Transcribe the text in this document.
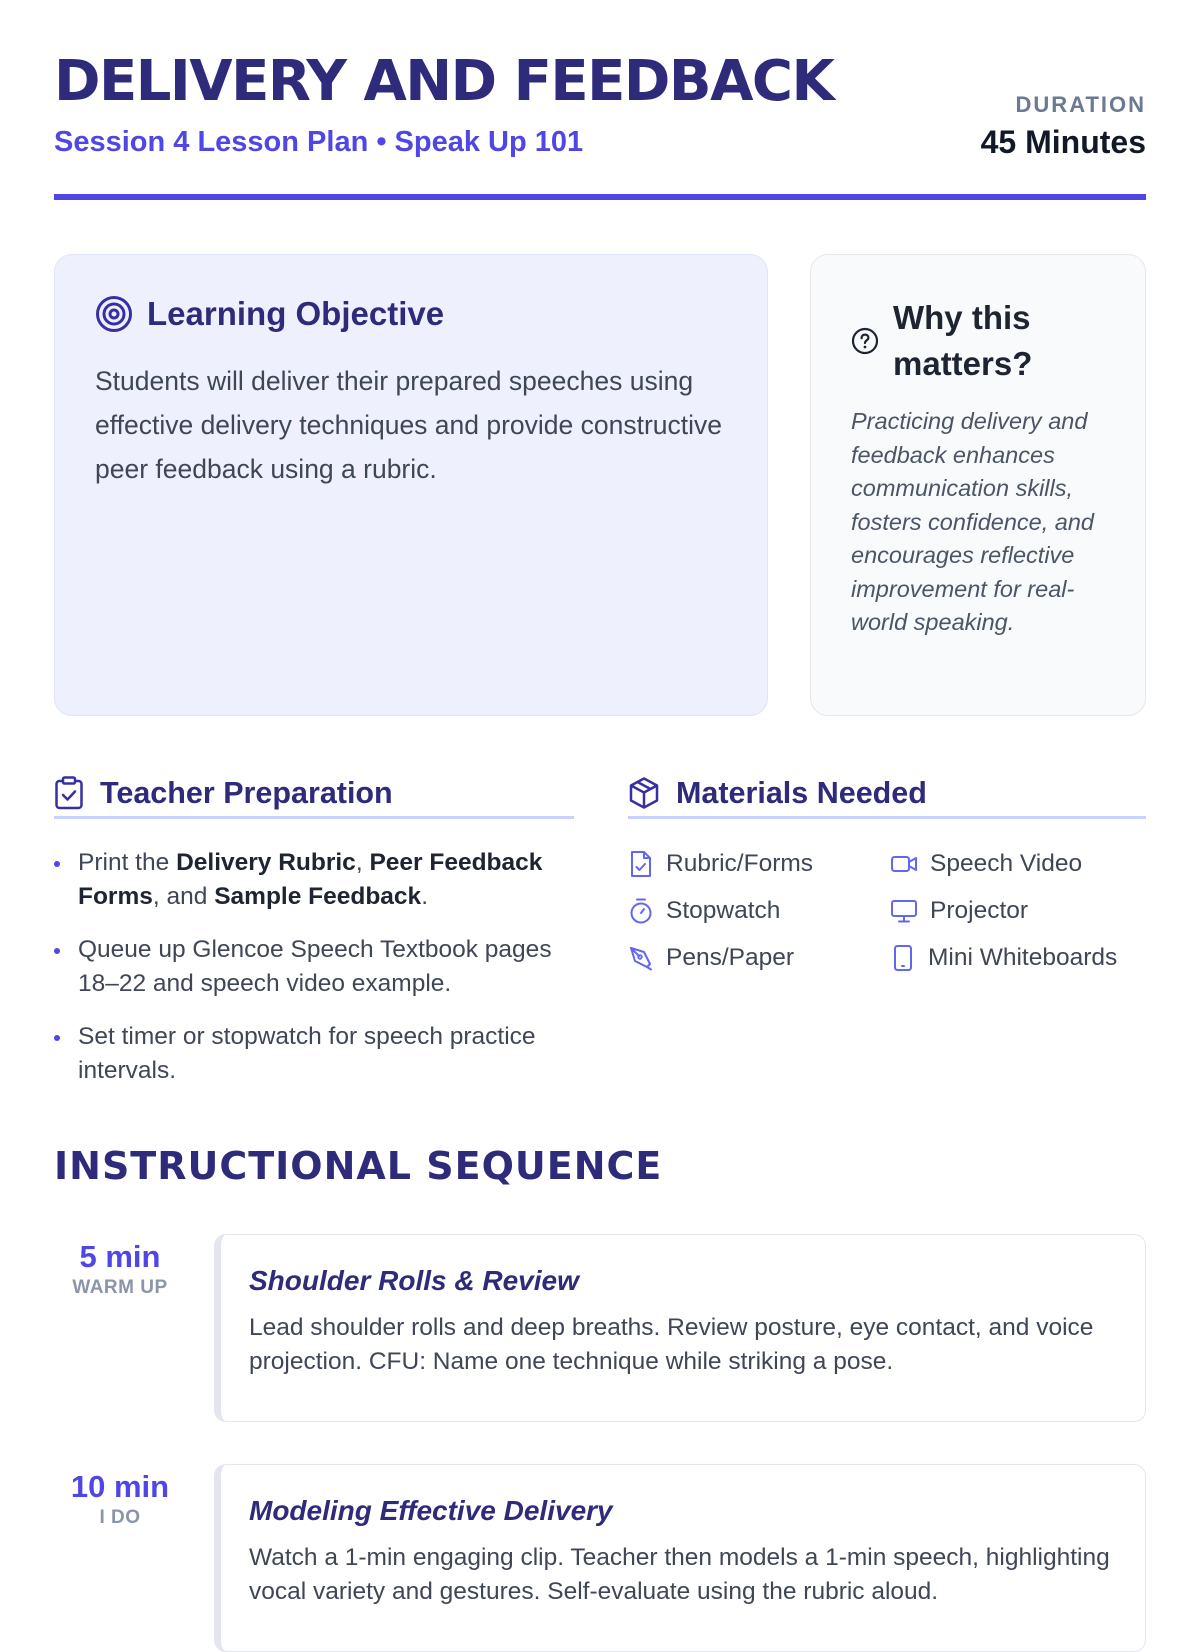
DELIVERY AND FEEDBACK
Session 4 Lesson Plan • Speak Up 101
DURATION
45 Minutes
Learning Objective

Students will deliver their prepared speeches using effective delivery techniques and provide constructive peer feedback using a rubric.

Why this matters?

Practicing delivery and feedback enhances communication skills, fosters confidence, and encourages reflective improvement for real-world speaking.

Teacher Preparation
Print the Delivery Rubric, Peer Feedback Forms, and Sample Feedback.
Queue up Glencoe Speech Textbook pages 18–22 and speech video example.
Set timer or stopwatch for speech practice intervals.
Materials Needed
Rubric/Forms	Speech Video
Stopwatch	Projector
Pens/Paper	Mini Whiteboards
INSTRUCTIONAL SEQUENCE
5 min
WARM UP	Shoulder Rolls & Review

Lead shoulder rolls and deep breaths. Review posture, eye contact, and voice projection. CFU: Name one technique while striking a pose.

10 min
I DO	Modeling Effective Delivery

Watch a 1-min engaging clip. Teacher then models a 1-min speech, highlighting vocal variety and gestures. Self-evaluate using the rubric aloud.
